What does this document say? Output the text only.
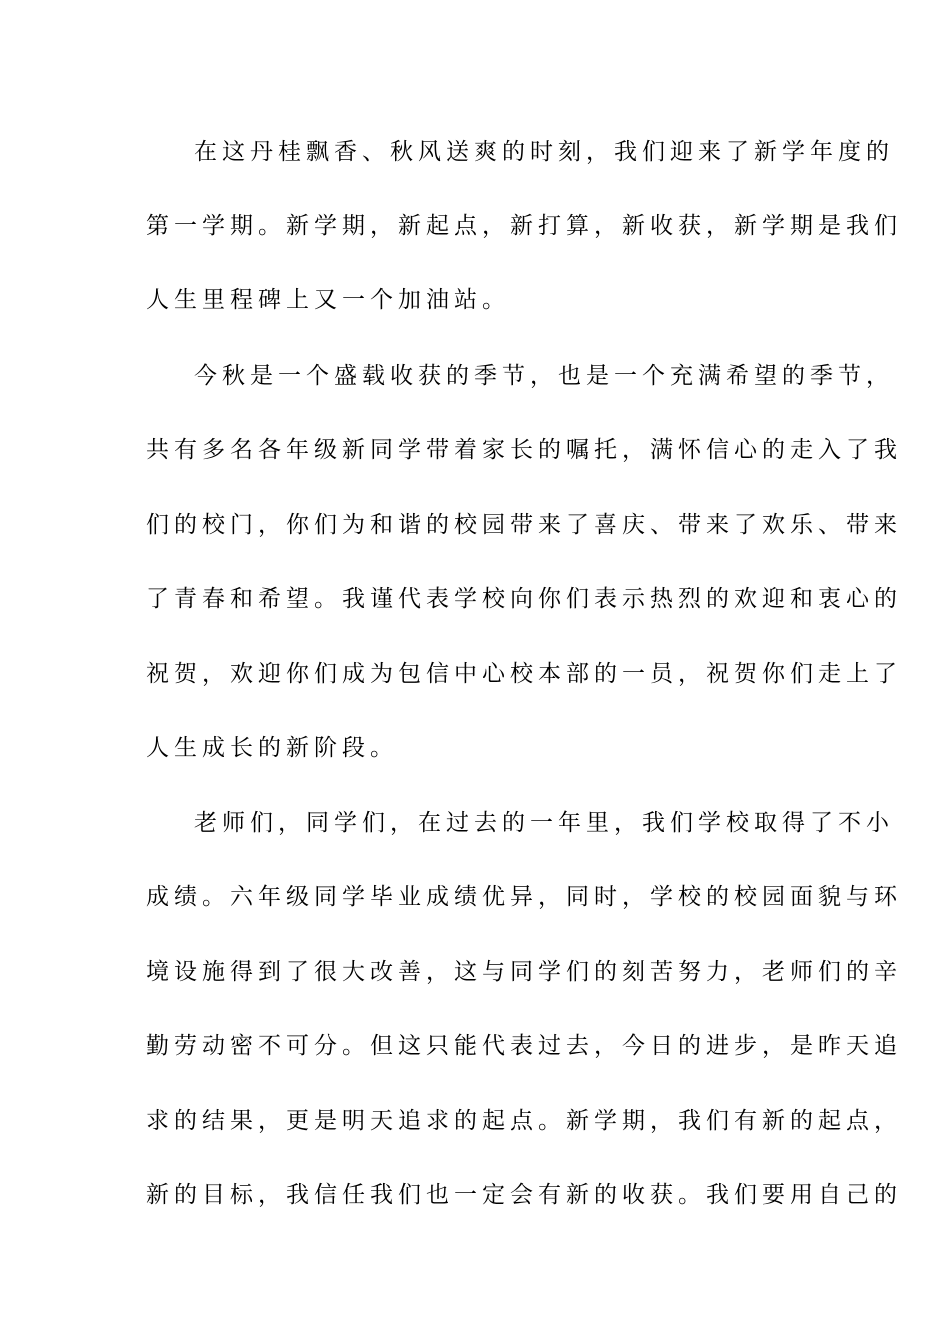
在这丹桂飘香、秋风送爽的时刻，我们迎来了新学年度的
第一学期。新学期，新起点，新打算，新收获，新学期是我们
人生里程碑上又一个加油站。
今秋是一个盛载收获的季节，也是一个充满希望的季节，
共有多名各年级新同学带着家长的嘱托，满怀信心的走入了我
们的校门，你们为和谐的校园带来了喜庆、带来了欢乐、带来
了青春和希望。我谨代表学校向你们表示热烈的欢迎和衷心的
祝贺，欢迎你们成为包信中心校本部的一员，祝贺你们走上了
人生成长的新阶段。
老师们，同学们，在过去的一年里，我们学校取得了不小
成绩。六年级同学毕业成绩优异，同时，学校的校园面貌与环
境设施得到了很大改善，这与同学们的刻苦努力，老师们的辛
勤劳动密不可分。但这只能代表过去，今日的进步，是昨天追
求的结果，更是明天追求的起点。新学期，我们有新的起点，
新的目标，我信任我们也一定会有新的收获。我们要用自己的
